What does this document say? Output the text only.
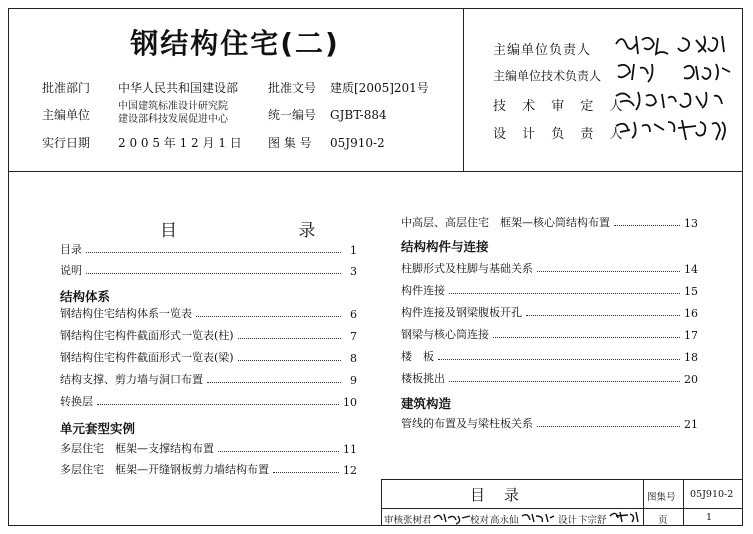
钢结构住宅(二)
批准部门 中华人民共和国建设部 批准文号 建质[2005]201号
主编单位
中国建筑标准设计研究院
建设部科技发展促进中心	统一编号 GJBT-884
实行日期 2 0 0 5 年 1 2 月 1 日 图 集 号 05J910-2
主编单位负责人
主编单位技术负责人
技 术 审 定 人
设 计 负 责 人
目 录
目录	1
说明	3
结构体系
钢结构住宅结构体系一览表	6
钢结构住宅构件截面形式一览表(柱)	7
钢结构住宅构件截面形式一览表(梁)	8
结构支撑、剪力墙与洞口布置	9
转换层	10
单元套型实例
多层住宅　框架—支撑结构布置	11
多层住宅　框架—开缝钢板剪力墙结构布置	12
中高层、高层住宅　框架—核心筒结构布置	13
结构构件与连接
柱脚形式及柱脚与基础关系	14
构件连接	15
构件连接及钢梁腹板开孔	16
钢梁与核心筒连接	17
楼　板	18
楼板挑出	20
建筑构造
管线的布置及与梁柱板关系	21
目　录	图集号 05J910-2
审核 张树君	校对 高永仙	设计 卞宗舒	页	1
